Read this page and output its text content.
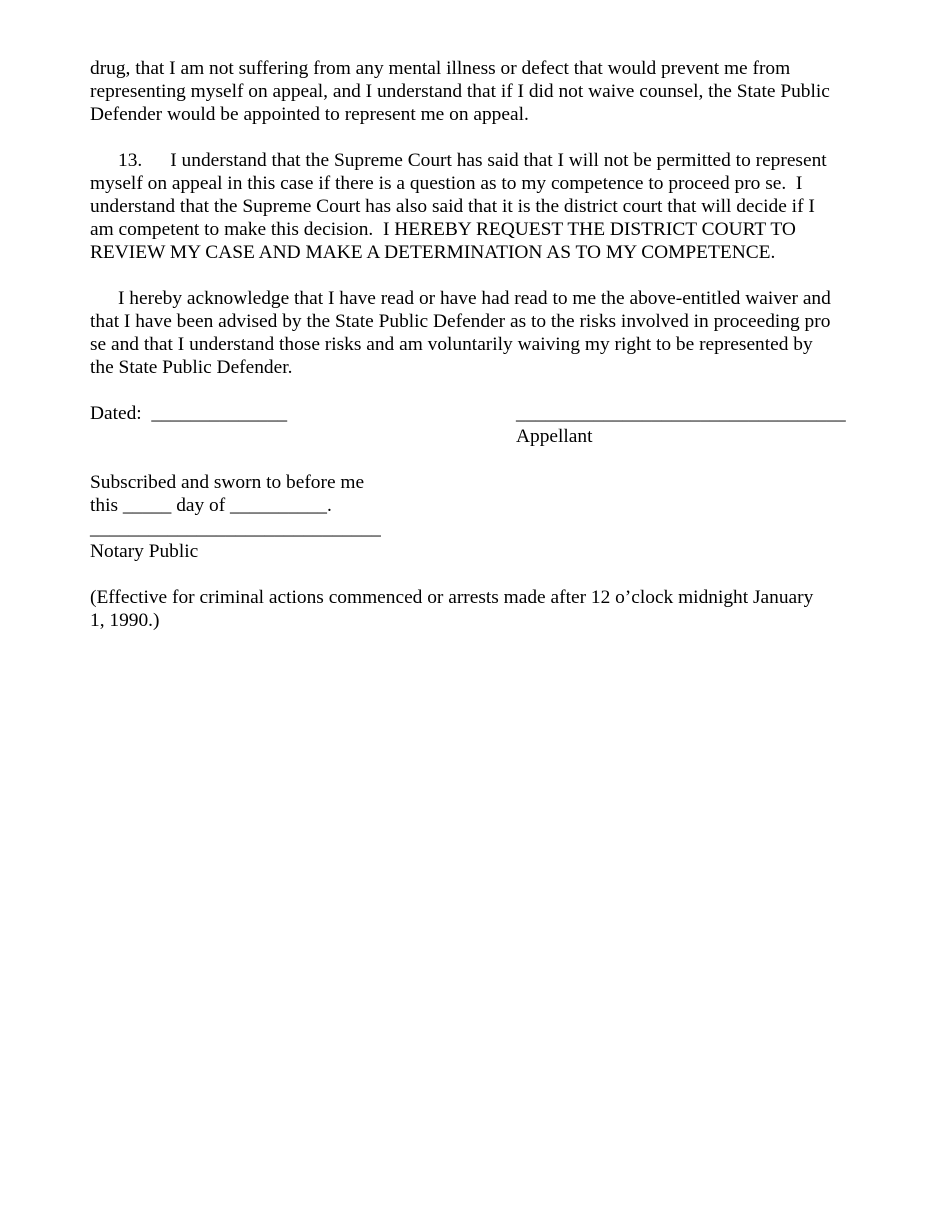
drug, that I am not suffering from any mental illness or defect that would prevent me from

representing myself on appeal, and I understand that if I did not waive counsel, the State Public

Defender would be appointed to represent me on appeal.

13. I understand that the Supreme Court has said that I will not be permitted to represent

myself on appeal in this case if there is a question as to my competence to proceed pro se.  I

understand that the Supreme Court has also said that it is the district court that will decide if I

am competent to make this decision.  I HEREBY REQUEST THE DISTRICT COURT TO

REVIEW MY CASE AND MAKE A DETERMINATION AS TO MY COMPETENCE.

I hereby acknowledge that I have read or have had read to me the above-entitled waiver and

that I have been advised by the State Public Defender as to the risks involved in proceeding pro

se and that I understand those risks and am voluntarily waiving my right to be represented by

the State Public Defender.

Dated:  ______________	__________________________________
Appellant

Subscribed and sworn to before me

this _____ day of __________.

______________________________

Notary Public

(Effective for criminal actions commenced or arrests made after 12 o’clock midnight January

1, 1990.)
